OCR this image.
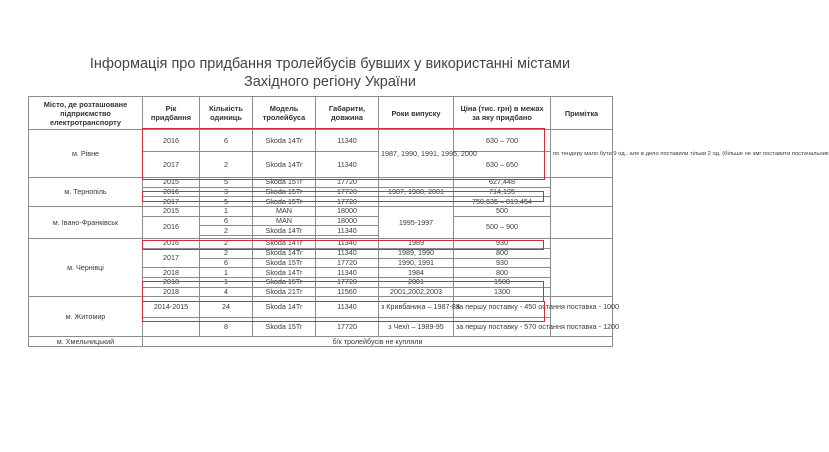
Інформація про придбання тролейбусів бувших у використанні містами
Західного регіону України
Місто, де розташоване підприємство електротранспорту	Рік придбання	Кількість одиниць	Модель тролейбуса	Габарити, довжина	Роки випуску	Ціна (тис. грн) в межах за яку придбано	Примітка
м. Рівне	2016	6	Skoda 14Tr	11340	1987, 1990, 1991, 1995, 2000	630 – 700	по тендеру мало бути 9 од., але в дело поставили тільки 2 од. (більше не змг поставити постачальник
	2017	2	Skoda 14Tr	11340		630 – 650	
м. Тернопіль	2015	5	Skoda 15Tr	17720		627,448	
	2016	3	Skoda 15Tr	17720	1987, 1988, 2001	714,195	
	2017	5	Skoda 15Tr	17720		750,635 – 819,454	
м. Івано-Франківськ	2015	1	MAN	18000	1995-1997	500	
	2016	6	MAN	18000		500 – 900	
		2	Skoda 14Tr	11340			

м. Чернівці	2016	2	Skoda 14Tr	11340	1989	930	
	2017	2	Skoda 14Tr	11340	1989, 1990	800	
		6	Skoda 15Tr	17720	1990, 1991	930	
	2018	1	Skoda 14Tr	11340	1984	800	
	2018	1	Skoda 15Tr	17720	2001	1500	
	2018	4	Skoda 21Tr	11560	2001,2002,2003	1300	
м. Житомир	2014-2015	24	Skoda 14Tr	11340	з Кривбаника – 1987-88	за першу поставку - 450 остання поставка - 1000	
		8	Skoda 15Tr	17720	з Чехії – 1989-95	за першу поставку - 570 остання поставка - 1200	
м. Хмельницький	б/к тролейбусів не купляли						
